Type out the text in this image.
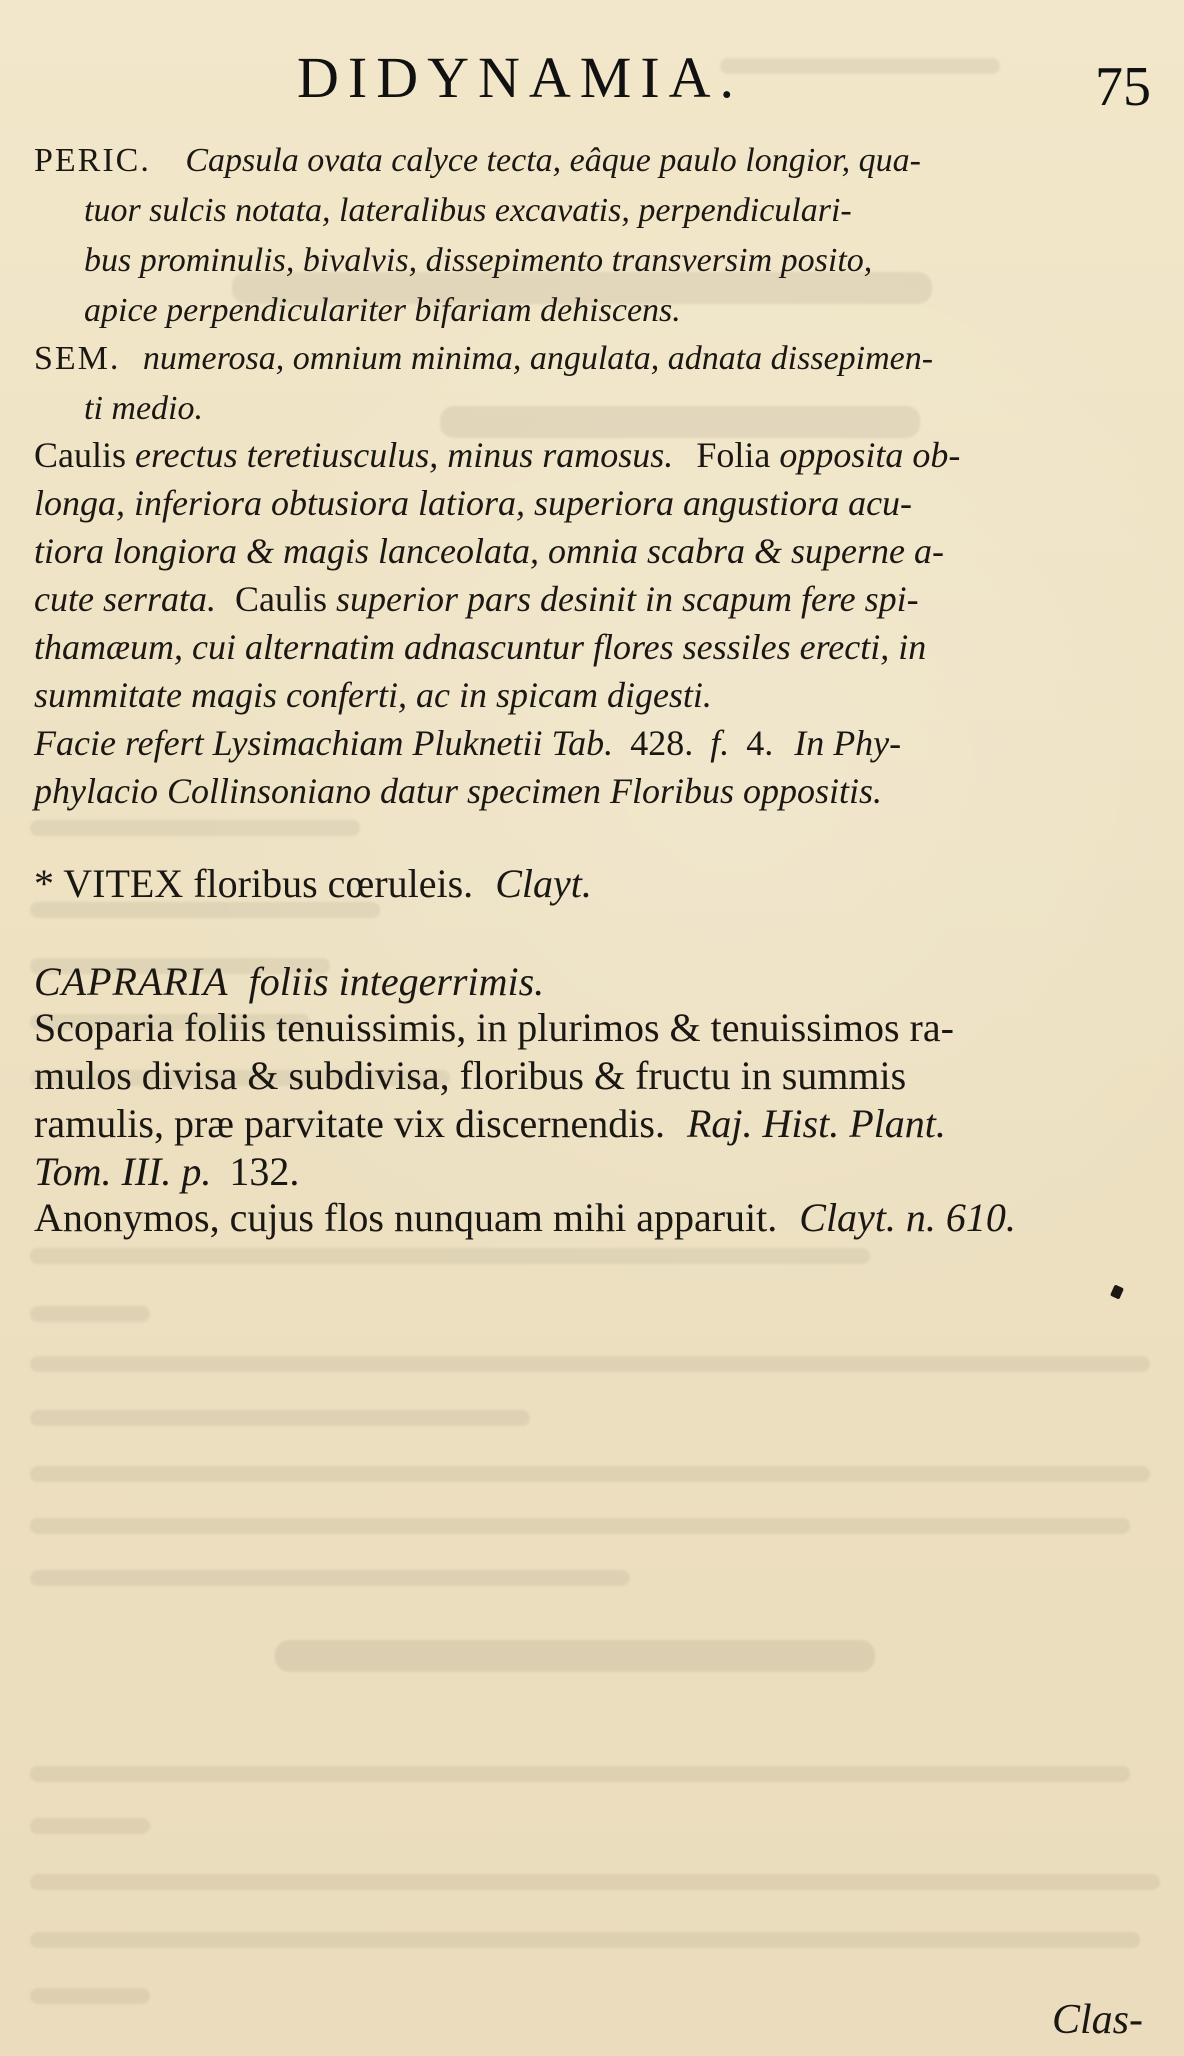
DIDYNAMIA.	75
PERIC. Capsula ovata calyce tecta, eâque paulo longior, qua-
tuor sulcis notata, lateralibus excavatis, perpendiculari-
bus prominulis, bivalvis, dissepimento transversim posito,
apice perpendiculariter bifariam dehiscens.
SEM. numerosa, omnium minima, angulata, adnata dissepimen-
ti medio.
Caulis erectus teretiusculus, minus ramosus. Folia opposita ob-
longa, inferiora obtusiora latiora, superiora angustiora acu-
tiora longiora & magis lanceolata, omnia scabra & superne a-
cute serrata. Caulis superior pars desinit in scapum fere spi-
thamæum, cui alternatim adnascuntur flores sessiles erecti, in
summitate magis conferti, ac in spicam digesti.
Facie refert Lysimachiam Pluknetii Tab. 428. f. 4. In Phy-
phylacio Collinsoniano datur specimen Floribus oppositis.
* VITEX floribus cœruleis. Clayt.
CAPRARIA foliis integerrimis.
Scoparia foliis tenuissimis, in plurimos & tenuissimos ra-
mulos divisa & subdivisa, floribus & fructu in summis
ramulis, præ parvitate vix discernendis. Raj. Hist. Plant.
Tom. III. p. 132.
Anonymos, cujus flos nunquam mihi apparuit. Clayt. n. 610.
Clas-
